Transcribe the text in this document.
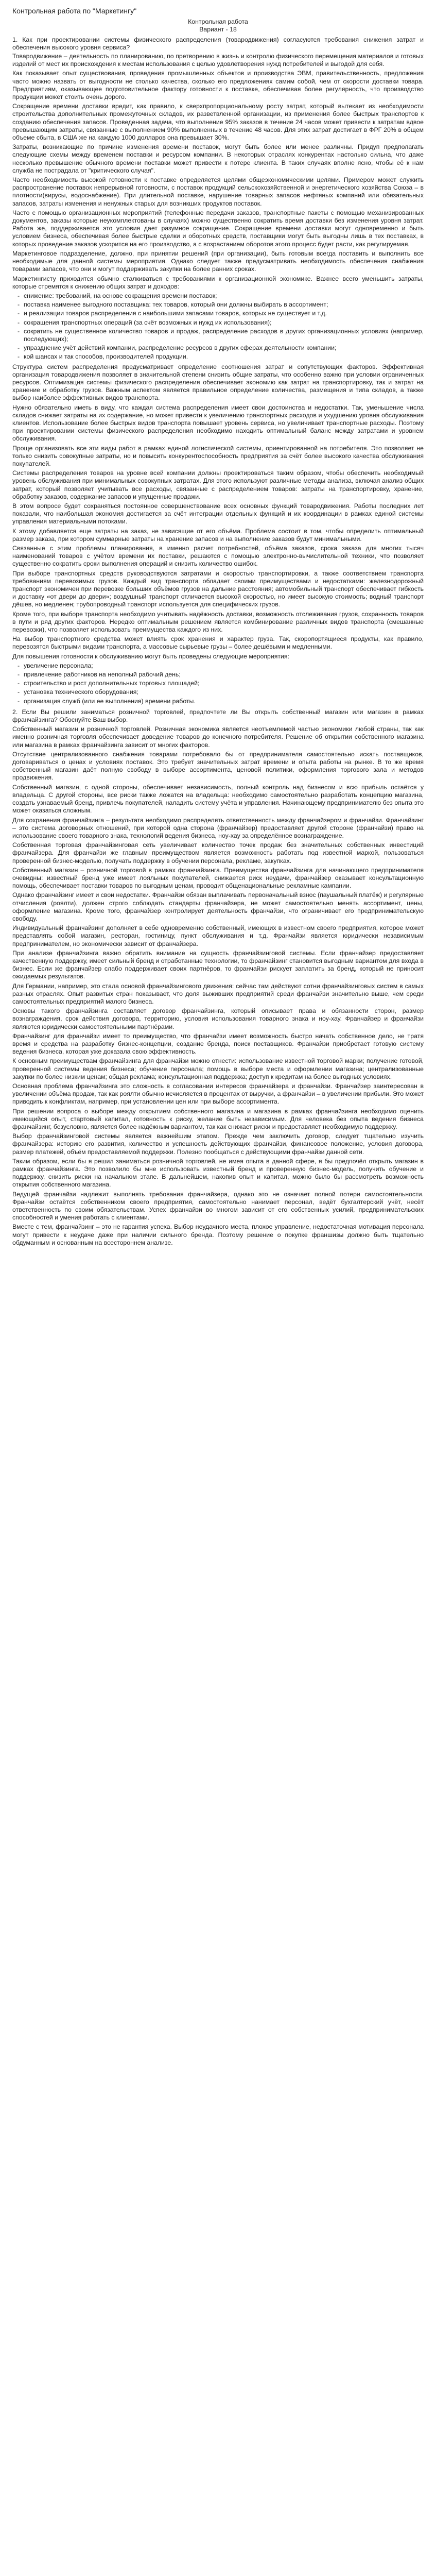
Контрольная работа по "Маркетингу"

Контрольная работа

Вариант - 18

1. Как при проектировании системы физического распределения (товародвижения) согласуются требования снижения затрат и обеспечения высокого уровня сервиса?

Товародвижение – деятельность по планированию, по претворению в жизнь и контролю физического перемещения материалов и готовых изделий от мест их происхождения к местам использования с целью удовлетворения нужд потребителей и выгодой для себя.

Как показывает опыт существования, проведения промышленных объектов и производства ЭВМ, правительственность, предложения часто можно назвать от выгодности не столько качества, сколько его предложениях самим собой, чем от скорости доставки товара. Предприятиям, оказывающее подготовительное фактору готовности к поставке, обеспечивая более регулярность, что производство продукции может стоить очень дорого.

Сокращение времени доставки вредит, как правило, к сверхпропорциональному росту затрат, который вытекает из необходимости строительства дополнительных промежуточных складов, их разветвленной организации, из применения более быстрых транспортов к созданию обеспечения запасов. Проведенная задача, что выполнение 95% заказов в течение 24 часов может привести к затратам вдвое превышающим затраты, связанные с выполнением 90% выполненных в течение 48 часов. Для этих затрат достигает в ФРГ 20% в общем объеме сбыта, в США же на каждую 1000 долларов она превышает 30%.

Затраты, возникающие по причине изменения времени поставок, могут быть более или менее различны. Придуп предполагать следующие схемы между временем поставки и ресурсом компании. В некоторых отраслях конкурентах настолько сильна, что даже несколько превышение обычного времени поставки может привести к потере клиента. В таких случаях вполне ясно, чтобы её к нам служба не пострадала от "критического случая".

Часто необходимость высокой готовности к поставке определяется целями общеэкономическими целями. Примером может служить распространение поставок непрерывной готовности, с поставок продукций сельскохозяйственной и энергетического хозяйства Союза – в плотности(вирусы, водоснабжение). При длительной поставке, нарушение товарных запасов нефтяных компаний или обязательных запасов, затраты изменения и ненужных старых для возникших продуктов поставок.

Часто с помощью организационных мероприятий (телефонные передачи заказов, транспортные пакеты с помощью механизированных документов, заказы которые неукомплектованы в случаях) можно существенно сократить время доставки без изменения уровня затрат. Работа же, поддерживается это условия дает разумное сокращение. Сокращение времени доставки могут одновременно и быть условием бизнеса, обеспечивая более быстрые сделки и оборотных средств, поставщики могут быть выгодны лишь в тех поставках, в которых проведение заказов ускорится на его производство, а с возрастанием оборотов этого процесс будет расти, как регулируемая.

Маркетинговое подразделение, должно, при принятии решений (при организации), быть готовым всегда поставить и выполнить все необходимые для данной системы мероприятия. Однако следует также предусматривать необходимость обеспечения снабжения товарами запасов, что они и могут поддерживать закупки на более ранних сроках.

Маркетингисту приходится обычно сталкиваться с требованиями к организационной экономике. Важнее всего уменьшить затраты, которые стремятся к снижению общих затрат и доходов:

- снижение: требований, на основе сокращения времени поставок;
- поставка наименее выгодного поставщика: тех товаров, который они должны выбирать в ассортимент;
- и реализации товаров распределения с наибольшими запасами товаров, которых не существует и т.д.
- сокращения транспортных операций (за счёт возможных и нужд их использования);
- сократить не существенное количество товаров и продаж, распределение расходов в других организационных условиях (например, последующих);
- упразднение учёт действий компании, распределение ресурсов в других сферах деятельности компании;
- кой шансах и так способов, производителей продукции.

Структура систем распределения предусматривает определение соотношения затрат и сопутствующих факторов. Эффективная организация товародвижения позволяет в значительной степени снизить общие затраты, что особенно важно при условии ограниченных ресурсов. Оптимизация системы физического распределения обеспечивает экономию как затрат на транспортировку, так и затрат на хранение и обработку грузов. Важным аспектом является правильное определение количества, размещения и типа складов, а также выбор наиболее эффективных видов транспорта.

Нужно обязательно иметь в виду, что каждая система распределения имеет свои достоинства и недостатки. Так, уменьшение числа складов снижает затраты на их содержание, но может привести к увеличению транспортных расходов и ухудшению уровня обслуживания клиентов. Использование более быстрых видов транспорта повышает уровень сервиса, но увеличивает транспортные расходы. Поэтому при проектировании системы физического распределения необходимо находить оптимальный баланс между затратами и уровнем обслуживания.

Проще организовать все эти виды работ в рамках единой логистической системы, ориентированной на потребителя. Это позволяет не только снизить совокупные затраты, но и повысить конкурентоспособность предприятия за счёт более высокого качества обслуживания покупателей.

Системы распределения товаров на уровне всей компании должны проектироваться таким образом, чтобы обеспечить необходимый уровень обслуживания при минимальных совокупных затратах. Для этого используют различные методы анализа, включая анализ общих затрат, который позволяет учитывать все расходы, связанные с распределением товаров: затраты на транспортировку, хранение, обработку заказов, содержание запасов и упущенные продажи.

В этом вопросе будет сохраняться постоянное совершенствование всех основных функций товародвижения. Работы последних лет показали, что наибольшая экономия достигается за счёт интеграции отдельных функций и их координации в рамках единой системы управления материальными потоками.

К этому добавляется еще затраты на заказ, не зависящие от его объёма. Проблема состоит в том, чтобы определить оптимальный размер заказа, при котором суммарные затраты на хранение запасов и на выполнение заказов будут минимальными.

Связанные с этим проблемы планирования, в именно расчет потребностей, объёма заказов, срока заказа для многих тысяч наименований товаров с учётом времени их поставки, решаются с помощью электронно-вычислительной техники, что позволяет существенно сократить сроки выполнения операций и снизить количество ошибок.

При выборе транспортных средств руководствуются затратами и скоростью транспортировки, а также соответствием транспорта требованиям перевозимых грузов. Каждый вид транспорта обладает своими преимуществами и недостатками: железнодорожный транспорт экономичен при перевозке больших объёмов грузов на дальние расстояния; автомобильный транспорт обеспечивает гибкость и доставку «от двери до двери»; воздушный транспорт отличается высокой скоростью, но имеет высокую стоимость; водный транспорт дёшев, но медленен; трубопроводный транспорт используется для специфических грузов.

Кроме того, при выборе транспорта необходимо учитывать надёжность доставки, возможность отслеживания грузов, сохранность товаров в пути и ряд других факторов. Нередко оптимальным решением является комбинирование различных видов транспорта (смешанные перевозки), что позволяет использовать преимущества каждого из них.

На выбор транспортного средства может влиять срок хранения и характер груза. Так, скоропортящиеся продукты, как правило, перевозятся быстрыми видами транспорта, а массовые сырьевые грузы – более дешёвыми и медленными.

Для повышения готовности к обслуживанию могут быть проведены следующие мероприятия:

- увеличение персонала;
- привлечение работников на неполный рабочий день;
- строительство и рост дополнительных торговых площадей;
- установка технического оборудования;
- организация служб (или ее выполнения) времени работы.

2. Если Вы решили заниматься розничной торговлей, предпочтете ли Вы открыть собственный магазин или магазин в рамках франчайзинга? Обоснуйте Ваш выбор.

Собственный магазин и розничной торговлей. Розничная экономика является неотъемлемой частью экономики любой страны, так как именно розничная торговля обеспечивает доведение товаров до конечного потребителя. Решение об открытии собственного магазина или магазина в рамках франчайзинга зависит от многих факторов.

Отсутствие централизованного снабжения товарами потребовало бы от предпринимателя самостоятельно искать поставщиков, договариваться о ценах и условиях поставок. Это требует значительных затрат времени и опыта работы на рынке. В то же время собственный магазин даёт полную свободу в выборе ассортимента, ценовой политики, оформления торгового зала и методов продвижения.

Собственный магазин, с одной стороны, обеспечивает независимость, полный контроль над бизнесом и всю прибыль остаётся у владельца. С другой стороны, все риски также ложатся на владельца: необходимо самостоятельно разработать концепцию магазина, создать узнаваемый бренд, привлечь покупателей, наладить систему учёта и управления. Начинающему предпринимателю без опыта это может оказаться сложным.

Для сохранения франчайзинга – результата необходимо распределять ответственность между франчайзером и франчайзи. Франчайзинг – это система договорных отношений, при которой одна сторона (франчайзер) предоставляет другой стороне (франчайзи) право на использование своего товарного знака, технологий ведения бизнеса, ноу-хау за определённое вознаграждение.

Собственная торговая франчайзинговая сеть увеличивает количество точек продаж без значительных собственных инвестиций франчайзера. Для франчайзи же главным преимуществом является возможность работать под известной маркой, пользоваться проверенной бизнес-моделью, получать поддержку в обучении персонала, рекламе, закупках.

Собственный магазин – розничной торговой в рамках франчайзинга. Преимущества франчайзинга для начинающего предпринимателя очевидны: известный бренд уже имеет лояльных покупателей, снижается риск неудачи, франчайзер оказывает консультационную помощь, обеспечивает поставки товаров по выгодным ценам, проводит общенациональные рекламные кампании.

Однако франчайзинг имеет и свои недостатки. Франчайзи обязан выплачивать первоначальный взнос (паушальный платёж) и регулярные отчисления (роялти), должен строго соблюдать стандарты франчайзера, не может самостоятельно менять ассортимент, цены, оформление магазина. Кроме того, франчайзер контролирует деятельность франчайзи, что ограничивает его предпринимательскую свободу.

Индивидуальный франчайзинг дополняет в себе одновременно собственный, имеющих в известном своего предприятия, которое может представлять собой магазин, ресторан, гостиницу, пункт обслуживания и т.д. Франчайзи является юридически независимым предпринимателем, но экономически зависит от франчайзера.

При анализе франчайзинга важно обратить внимание на сущность франчайзинговой системы. Если франчайзер предоставляет качественную поддержку, имеет сильный бренд и отработанные технологии, то франчайзинг становится выгодным вариантом для входа в бизнес. Если же франчайзер слабо поддерживает своих партнёров, то франчайзи рискует заплатить за бренд, который не приносит ожидаемых результатов.

Для Германии, например, это стала основой франчайзингового движения: сейчас там действуют сотни франчайзинговых систем в самых разных отраслях. Опыт развитых стран показывает, что доля выживших предприятий среди франчайзи значительно выше, чем среди самостоятельных предприятий малого бизнеса.

Основы такого франчайзинга составляет договор франчайзинга, который описывает права и обязанности сторон, размер вознаграждения, срок действия договора, территорию, условия использования товарного знака и ноу-хау. Франчайзер и франчайзи являются юридически самостоятельными партнёрами.

Франчайзинг для франчайзи имеет то преимущество, что франчайзи имеет возможность быстро начать собственное дело, не тратя время и средства на разработку бизнес-концепции, создание бренда, поиск поставщиков. Франчайзи приобретает готовую систему ведения бизнеса, которая уже доказала свою эффективность.

К основным преимуществам франчайзинга для франчайзи можно отнести: использование известной торговой марки; получение готовой, проверенной системы ведения бизнеса; обучение персонала; помощь в выборе места и оформлении магазина; централизованные закупки по более низким ценам; общая реклама; консультационная поддержка; доступ к кредитам на более выгодных условиях.

Основная проблема франчайзинга это сложность в согласовании интересов франчайзера и франчайзи. Франчайзер заинтересован в увеличении объёма продаж, так как роялти обычно исчисляется в процентах от выручки, а франчайзи – в увеличении прибыли. Это может приводить к конфликтам, например, при установлении цен или при выборе ассортимента.

При решении вопроса о выборе между открытием собственного магазина и магазина в рамках франчайзинга необходимо оценить имеющийся опыт, стартовый капитал, готовность к риску, желание быть независимым. Для человека без опыта ведения бизнеса франчайзинг, безусловно, является более надёжным вариантом, так как снижает риски и предоставляет необходимую поддержку.

Выбор франчайзинговой системы является важнейшим этапом. Прежде чем заключить договор, следует тщательно изучить франчайзера: историю его развития, количество и успешность действующих франчайзи, финансовое положение, условия договора, размер платежей, объём предоставляемой поддержки. Полезно пообщаться с действующими франчайзи данной сети.

Таким образом, если бы я решил заниматься розничной торговлей, не имея опыта в данной сфере, я бы предпочёл открыть магазин в рамках франчайзинга. Это позволило бы мне использовать известный бренд и проверенную бизнес-модель, получить обучение и поддержку, снизить риски на начальном этапе. В дальнейшем, накопив опыт и капитал, можно было бы рассмотреть возможность открытия собственного магазина.

Ведущей франчайзи надлежит выполнять требования франчайзера, однако это не означает полной потери самостоятельности. Франчайзи остаётся собственником своего предприятия, самостоятельно нанимает персонал, ведёт бухгалтерский учёт, несёт ответственность по своим обязательствам. Успех франчайзи во многом зависит от его собственных усилий, предпринимательских способностей и умения работать с клиентами.

Вместе с тем, франчайзинг – это не гарантия успеха. Выбор неудачного места, плохое управление, недостаточная мотивация персонала могут привести к неудаче даже при наличии сильного бренда. Поэтому решение о покупке франшизы должно быть тщательно обдуманным и основанным на всестороннем анализе.
